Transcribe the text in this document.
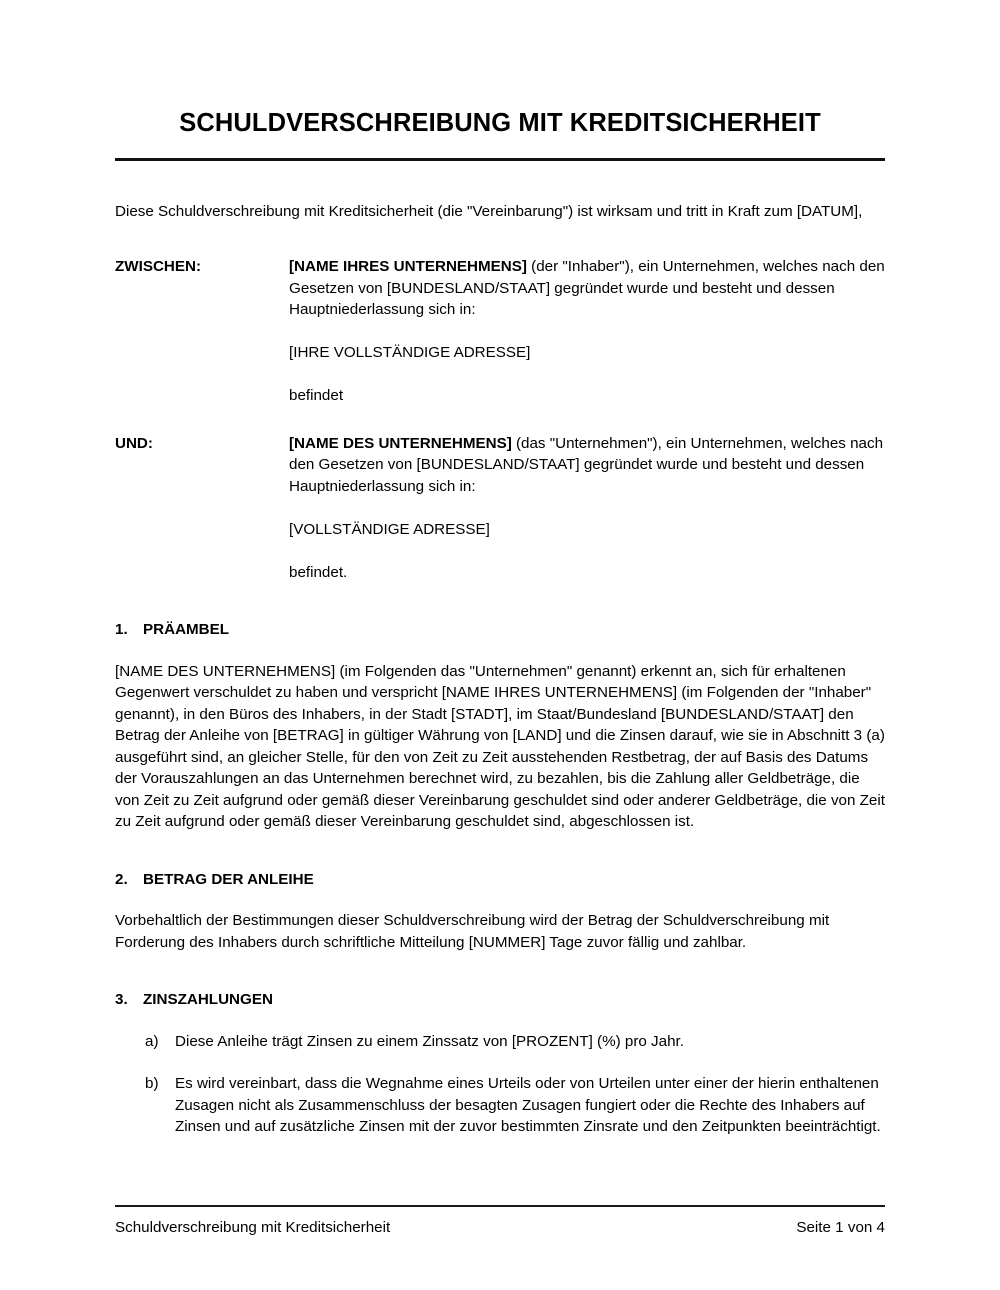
SCHULDVERSCHREIBUNG MIT KREDITSICHERHEIT

Diese Schuldverschreibung mit Kreditsicherheit (die "Vereinbarung") ist wirksam und tritt in Kraft zum [DATUM],

ZWISCHEN:	[NAME IHRES UNTERNEHMENS] (der "Inhaber"), ein Unternehmen, welches nach den Gesetzen von [BUNDESLAND/STAAT] gegründet wurde und besteht und dessen Hauptniederlassung sich in:

[IHRE VOLLSTÄNDIGE ADRESSE]

befindet

UND:	[NAME DES UNTERNEHMENS] (das "Unternehmen"), ein Unternehmen, welches nach den Gesetzen von [BUNDESLAND/STAAT] gegründet wurde und besteht und dessen Hauptniederlassung sich in:

[VOLLSTÄNDIGE ADRESSE]

befindet.

1.	PRÄAMBEL

[NAME DES UNTERNEHMENS] (im Folgenden das "Unternehmen" genannt) erkennt an, sich für erhaltenen Gegenwert verschuldet zu haben und verspricht [NAME IHRES UNTERNEHMENS] (im Folgenden der "Inhaber" genannt), in den Büros des Inhabers, in der Stadt [STADT], im Staat/Bundesland [BUNDESLAND/STAAT] den Betrag der Anleihe von [BETRAG] in gültiger Währung von [LAND] und die Zinsen darauf, wie sie in Abschnitt 3 (a) ausgeführt sind, an gleicher Stelle, für den von Zeit zu Zeit ausstehenden Restbetrag, der auf Basis des Datums der Vorauszahlungen an das Unternehmen berechnet wird, zu bezahlen, bis die Zahlung aller Geldbeträge, die von Zeit zu Zeit aufgrund oder gemäß dieser Vereinbarung geschuldet sind oder anderer Geldbeträge, die von Zeit zu Zeit aufgrund oder gemäß dieser Vereinbarung geschuldet sind, abgeschlossen ist.

2.	BETRAG DER ANLEIHE

Vorbehaltlich der Bestimmungen dieser Schuldverschreibung wird der Betrag der Schuldverschreibung mit Forderung des Inhabers durch schriftliche Mitteilung [NUMMER] Tage zuvor fällig und zahlbar.

3.	ZINSZAHLUNGEN
a)	Diese Anleihe trägt Zinsen zu einem Zinssatz von [PROZENT] (%) pro Jahr.
b)	Es wird vereinbart, dass die Wegnahme eines Urteils oder von Urteilen unter einer der hierin enthaltenen Zusagen nicht als Zusammenschluss der besagten Zusagen fungiert oder die Rechte des Inhabers auf Zinsen und auf zusätzliche Zinsen mit der zuvor bestimmten Zinsrate und den Zeitpunkten beeinträchtigt.
Schuldverschreibung mit Kreditsicherheit	Seite 1 von 4
